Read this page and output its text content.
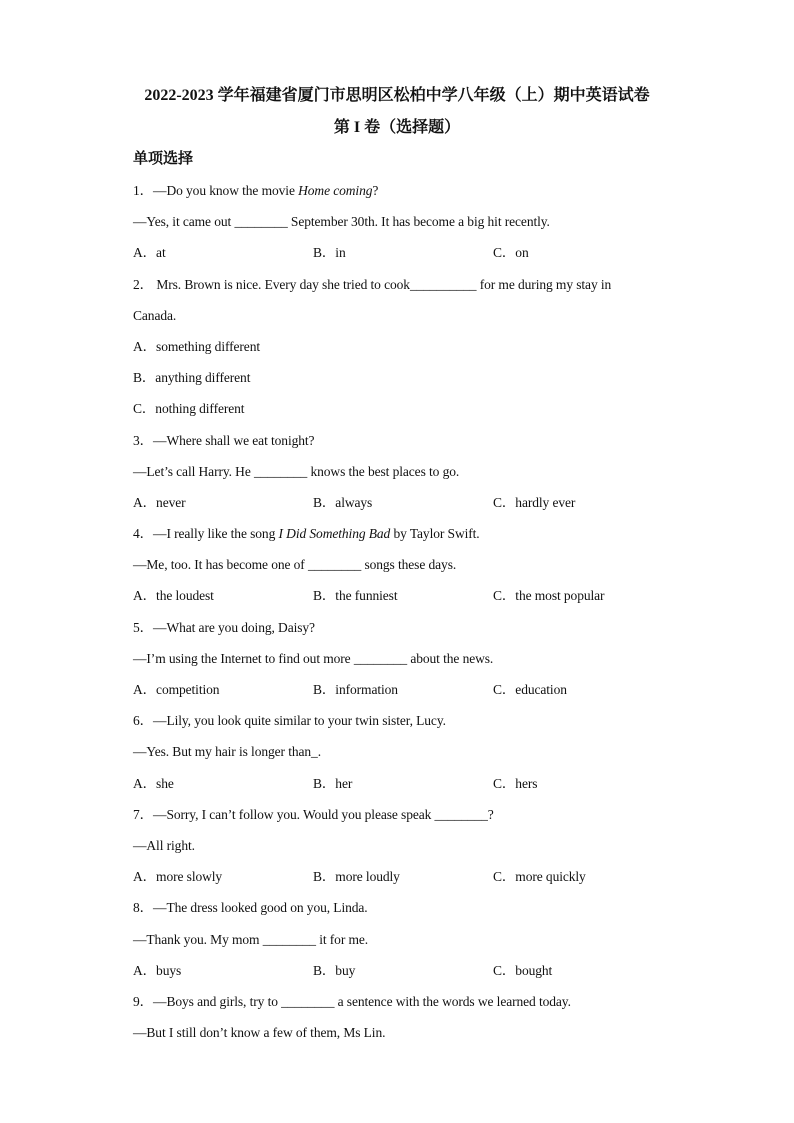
2022-2023 学年福建省厦门市思明区松柏中学八年级（上）期中英语试卷
第 I 卷（选择题）
单项选择
1．—Do you know the movie Home coming?
—Yes, it came out ________ September 30th. It has become a big hit recently.
A．at	B．in	C．on
2． Mrs. Brown is nice. Every day she tried to cook__________ for me during my stay in
Canada.
A．something different
B．anything different
C．nothing different
3．—Where shall we eat tonight?
—Let’s call Harry. He ________ knows the best places to go.
A．never	B．always	C．hardly ever
4．—I really like the song I Did Something Bad by Taylor Swift.
—Me, too. It has become one of ________ songs these days.
A．the loudest	B．the funniest	C．the most popular
5．—What are you doing, Daisy?
—I’m using the Internet to find out more ________ about the news.
A．competition	B．information	C．education
6．—Lily, you look quite similar to your twin sister, Lucy.
—Yes. But my hair is longer than_.
A．she	B．her	C．hers
7．—Sorry, I can’t follow you. Would you please speak ________?
—All right.
A．more slowly	B．more loudly	C．more quickly
8．—The dress looked good on you, Linda.
—Thank you. My mom ________ it for me.
A．buys	B．buy	C．bought
9．—Boys and girls, try to ________ a sentence with the words we learned today.
—But I still don’t know a few of them, Ms Lin.
